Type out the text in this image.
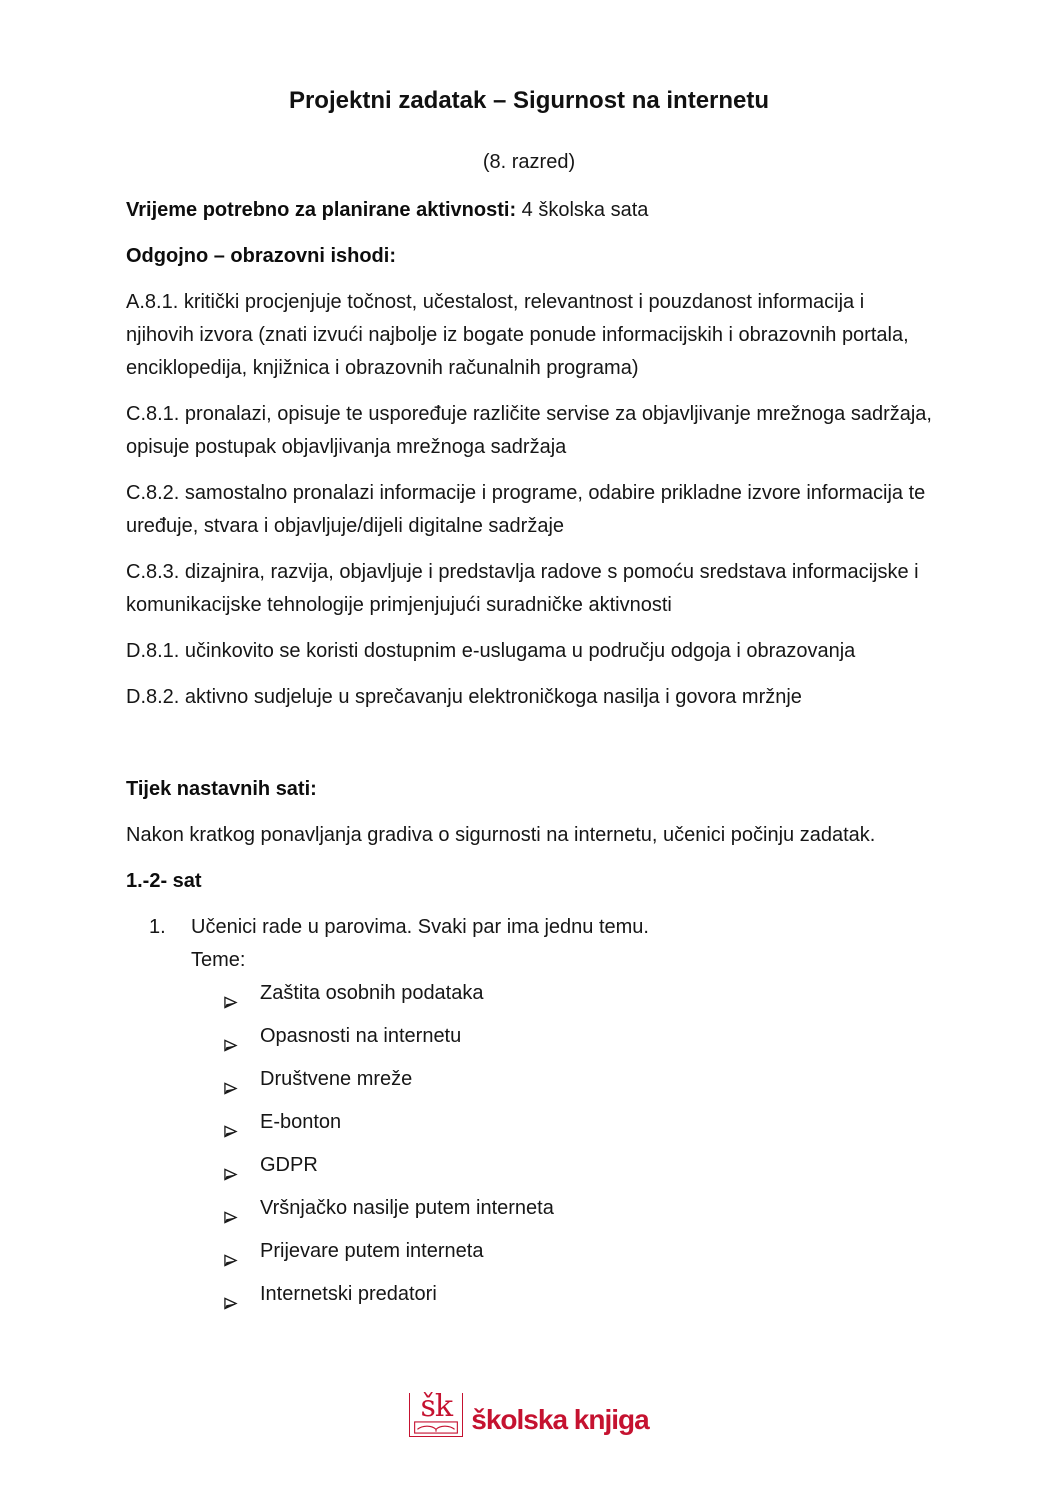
Projektni zadatak – Sigurnost na internetu
(8. razred)

Vrijeme potrebno za planirane aktivnosti: 4 školska sata

Odgojno – obrazovni ishodi:

A.8.1. kritički procjenjuje točnost, učestalost, relevantnost i pouzdanost informacija i njihovih izvora (znati izvući najbolje iz bogate ponude informacijskih i obrazovnih portala, enciklopedija, knjižnica i obrazovnih računalnih programa)

C.8.1. pronalazi, opisuje te uspoređuje različite servise za objavljivanje mrežnoga sadržaja, opisuje postupak objavljivanja mrežnoga sadržaja

C.8.2. samostalno pronalazi informacije i programe, odabire prikladne izvore informacija te uređuje, stvara i objavljuje/dijeli digitalne sadržaje

C.8.3. dizajnira, razvija, objavljuje i predstavlja radove s pomoću sredstava informacijske i komunikacijske tehnologije primjenjujući suradničke aktivnosti

D.8.1. učinkovito se koristi dostupnim e-uslugama u području odgoja i obrazovanja

D.8.2. aktivno sudjeluje u sprečavanju elektroničkoga nasilja i govora mržnje

Tijek nastavnih sati:

Nakon kratkog ponavljanja gradiva o sigurnosti na internetu, učenici počinju zadatak.

1.-2- sat

1.	Učenici rade u parovima. Svaki par ima jednu temu.
Teme:
Zaštita osobnih podataka
Opasnosti na internetu
Društvene mreže
E-bonton
GDPR
Vršnjačko nasilje putem interneta
Prijevare putem interneta
Internetski predatori
šk školska knjiga
